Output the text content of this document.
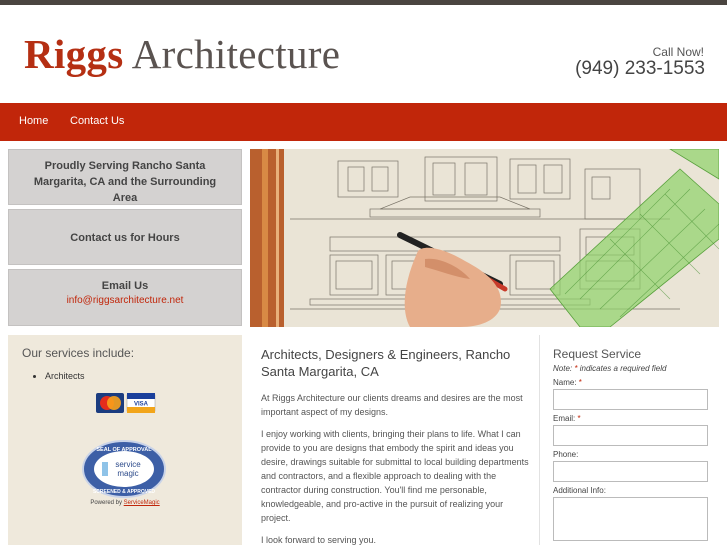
Riggs Architecture	Call Now!
(949) 233-1553
Home Contact Us
Proudly Serving Rancho Santa Margarita, CA and the Surrounding Area
Contact us for Hours
Email Us
info@riggsarchitecture.net
Our services include:
• Architects
VISA
SEAL OF APPROVAL
service
magic
SCREENED & APPROVED
Powered by ServiceMagic
Architects, Designers & Engineers, Rancho Santa Margarita, CA

At Riggs Architecture our clients dreams and desires are the most important aspect of my designs.

I enjoy working with clients, bringing their plans to life. What I can provide to you are designs that embody the spirit and ideas you desire, drawings suitable for submittal to local building departments and contractors, and a flexible approach to dealing with the contractor during construction. You'll find me personable, knowledgeable, and pro-active in the pursuit of realizing your project.

I look forward to serving you.

Request Service
Note: * indicates a required field
Name: *
Email: *
Phone:
Additional Info:
